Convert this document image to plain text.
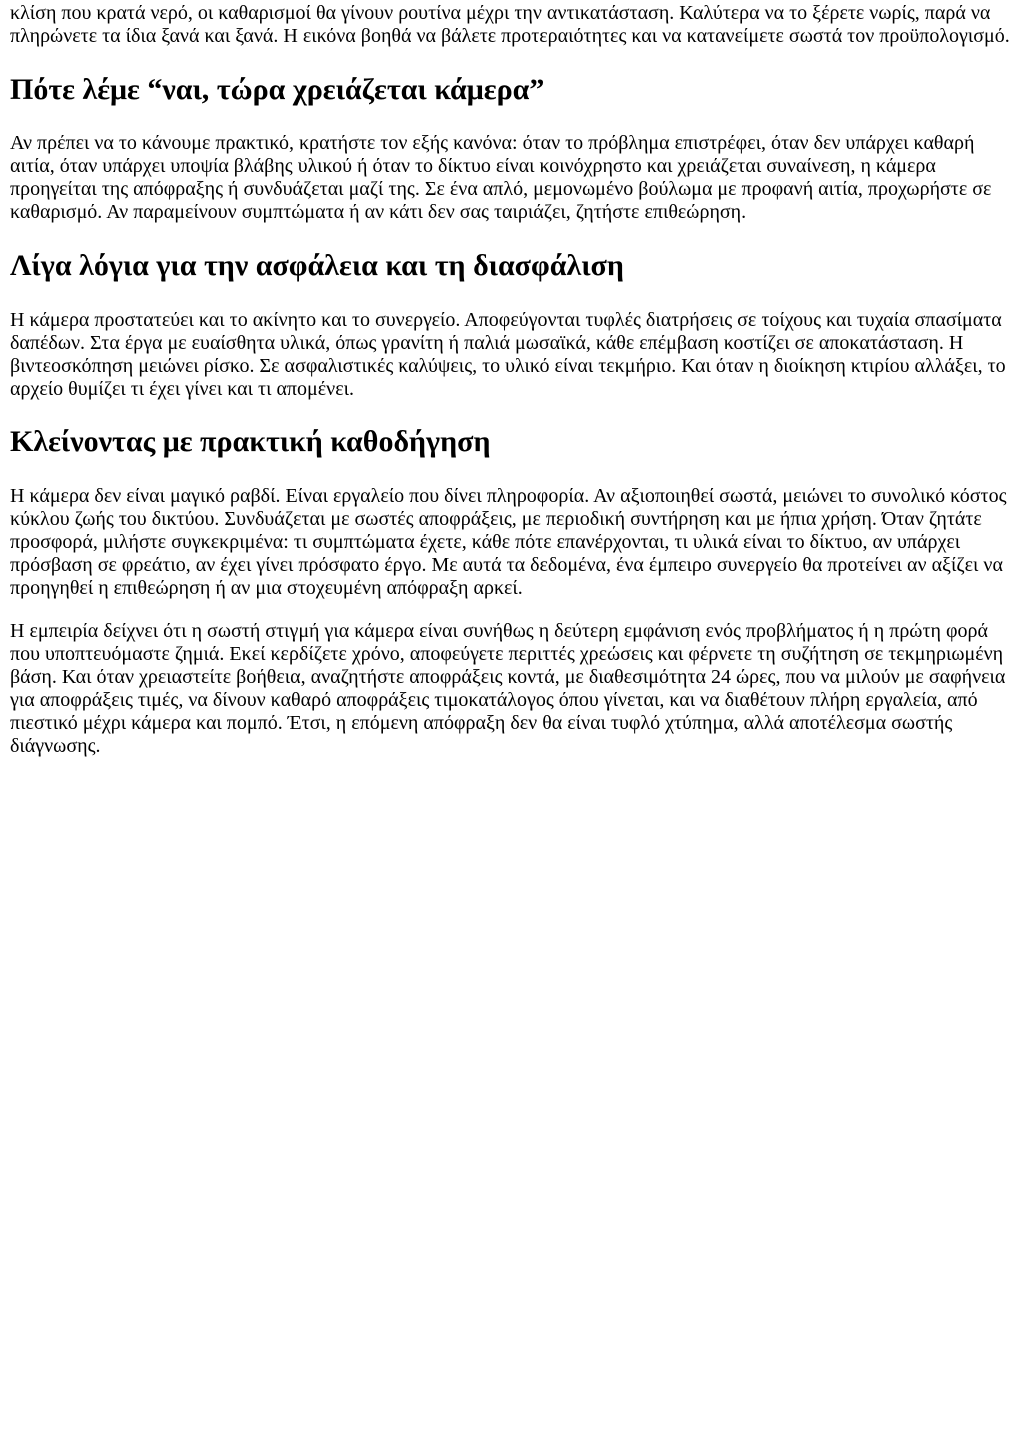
κλίση που κρατά νερό, οι καθαρισμοί θα γίνουν ρουτίνα μέχρι την αντικατάσταση. Καλύτερα να το ξέρετε νωρίς, παρά να πληρώνετε τα ίδια ξανά και ξανά. Η εικόνα βοηθά να βάλετε προτεραιότητες και να κατανείμετε σωστά τον προϋπολογισμό.

Πότε λέμε “ναι, τώρα χρειάζεται κάμερα”

Αν πρέπει να το κάνουμε πρακτικό, κρατήστε τον εξής κανόνα: όταν το πρόβλημα επιστρέφει, όταν δεν υπάρχει καθαρή αιτία, όταν υπάρχει υποψία βλάβης υλικού ή όταν το δίκτυο είναι κοινόχρηστο και χρειάζεται συναίνεση, η κάμερα προηγείται της απόφραξης ή συνδυάζεται μαζί της. Σε ένα απλό, μεμονωμένο βούλωμα με προφανή αιτία, προχωρήστε σε καθαρισμό. Αν παραμείνουν συμπτώματα ή αν κάτι δεν σας ταιριάζει, ζητήστε επιθεώρηση.

Λίγα λόγια για την ασφάλεια και τη διασφάλιση

Η κάμερα προστατεύει και το ακίνητο και το συνεργείο. Αποφεύγονται τυφλές διατρήσεις σε τοίχους και τυχαία σπασίματα δαπέδων. Στα έργα με ευαίσθητα υλικά, όπως γρανίτη ή παλιά μωσαϊκά, κάθε επέμβαση κοστίζει σε αποκατάσταση. Η βιντεοσκόπηση μειώνει ρίσκο. Σε ασφαλιστικές καλύψεις, το υλικό είναι τεκμήριο. Και όταν η διοίκηση κτιρίου αλλάξει, το αρχείο θυμίζει τι έχει γίνει και τι απομένει.

Κλείνοντας με πρακτική καθοδήγηση

Η κάμερα δεν είναι μαγικό ραβδί. Είναι εργαλείο που δίνει πληροφορία. Αν αξιοποιηθεί σωστά, μειώνει το συνολικό κόστος κύκλου ζωής του δικτύου. Συνδυάζεται με σωστές αποφράξεις, με περιοδική συντήρηση και με ήπια χρήση. Όταν ζητάτε προσφορά, μιλήστε συγκεκριμένα: τι συμπτώματα έχετε, κάθε πότε επανέρχονται, τι υλικά είναι το δίκτυο, αν υπάρχει πρόσβαση σε φρεάτιο, αν έχει γίνει πρόσφατο έργο. Με αυτά τα δεδομένα, ένα έμπειρο συνεργείο θα προτείνει αν αξίζει να προηγηθεί η επιθεώρηση ή αν μια στοχευμένη απόφραξη αρκεί.

Η εμπειρία δείχνει ότι η σωστή στιγμή για κάμερα είναι συνήθως η δεύτερη εμφάνιση ενός προβλήματος ή η πρώτη φορά που υποπτευόμαστε ζημιά. Εκεί κερδίζετε χρόνο, αποφεύγετε περιττές χρεώσεις και φέρνετε τη συζήτηση σε τεκμηριωμένη βάση. Και όταν χρειαστείτε βοήθεια, αναζητήστε αποφράξεις κοντά, με διαθεσιμότητα 24 ώρες, που να μιλούν με σαφήνεια για αποφράξεις τιμές, να δίνουν καθαρό αποφράξεις τιμοκατάλογος όπου γίνεται, και να διαθέτουν πλήρη εργαλεία, από πιεστικό μέχρι κάμερα και πομπό. Έτσι, η επόμενη απόφραξη δεν θα είναι τυφλό χτύπημα, αλλά αποτέλεσμα σωστής διάγνωσης.
